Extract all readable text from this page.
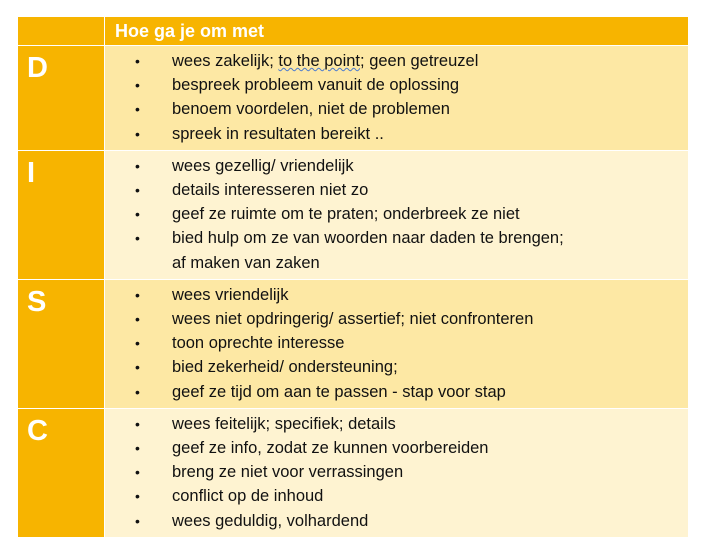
Hoe ga je om met
D	• wees zakelijk; to the point; geen getreuzel
• bespreek probleem vanuit de oplossing
• benoem voordelen, niet de problemen
• spreek in resultaten bereikt ..
I	• wees gezellig/ vriendelijk
• details interesseren niet zo
• geef ze ruimte om te praten; onderbreek ze niet
• bied hulp om ze van woorden naar daden te brengen;
af maken van zaken
S	• wees vriendelijk
• wees niet opdringerig/ assertief; niet confronteren
• toon oprechte interesse
• bied zekerheid/ ondersteuning;
• geef ze tijd om aan te passen - stap voor stap
C	• wees feitelijk; specifiek; details
• geef ze info, zodat ze kunnen voorbereiden
• breng ze niet voor verrassingen
• conflict op de inhoud
• wees geduldig, volhardend
